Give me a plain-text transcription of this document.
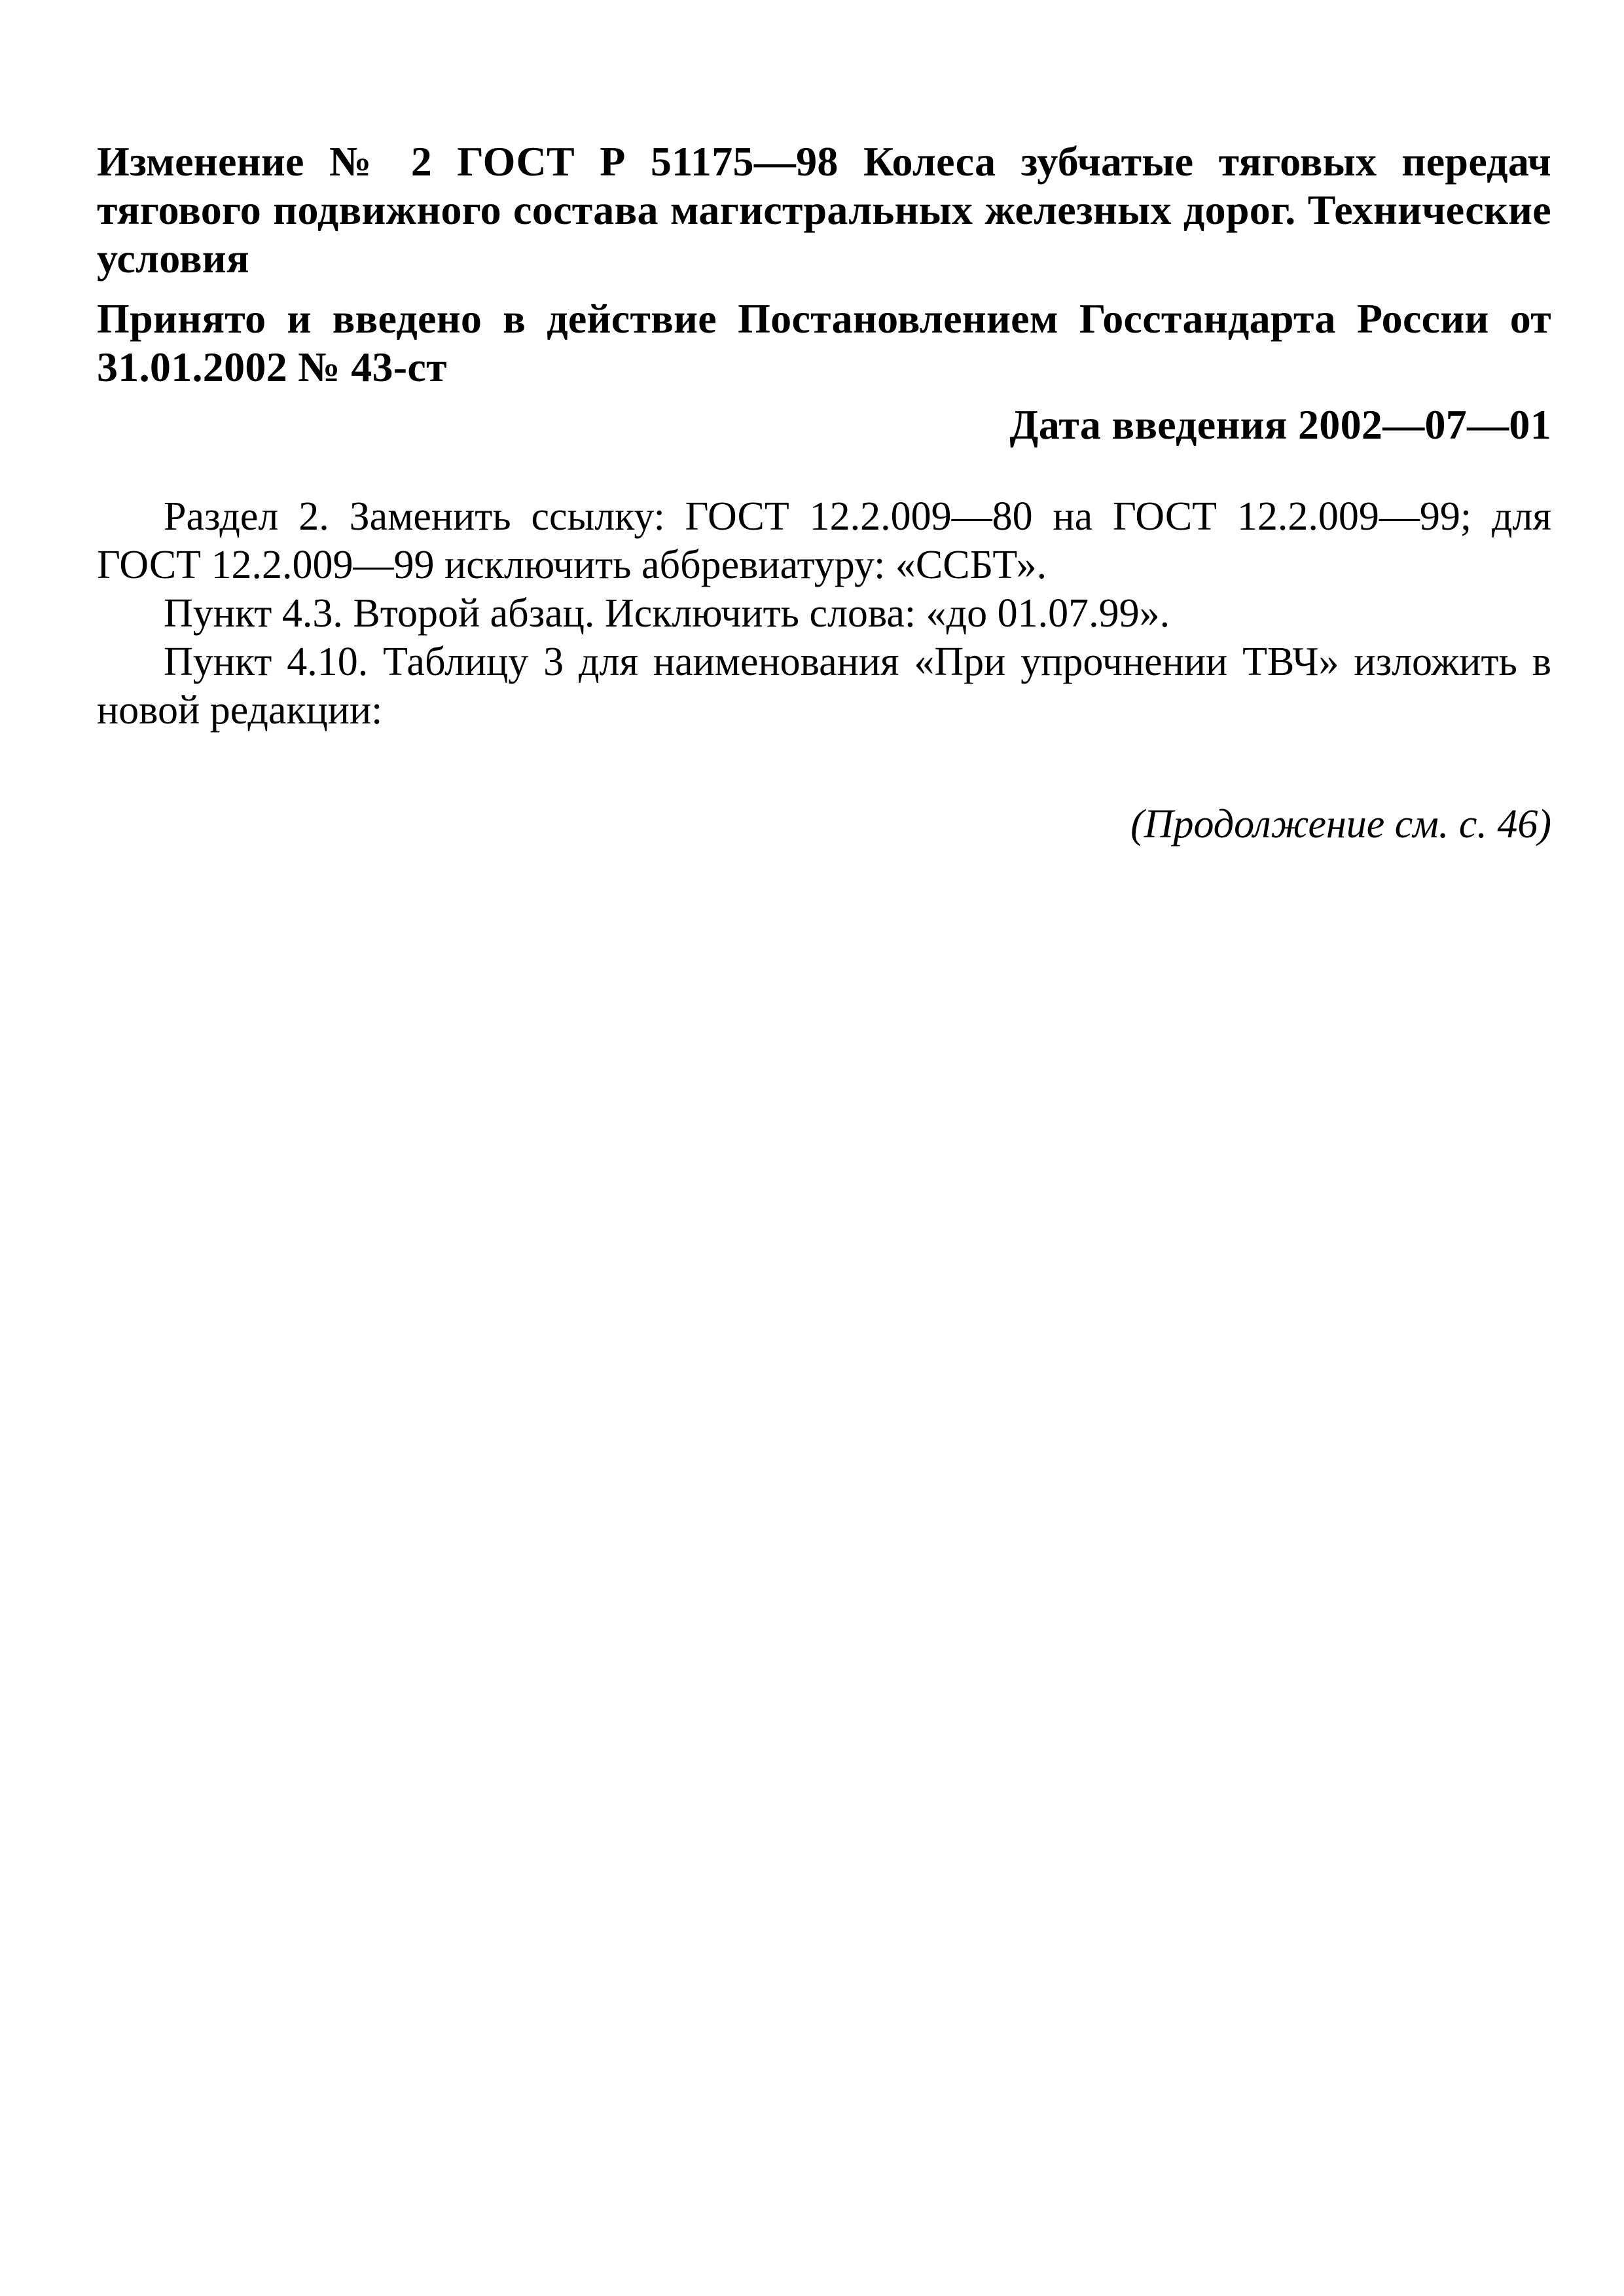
Изменение № 2 ГОСТ Р 51175—98 Колеса зубчатые тяговых передач тягового подвижного состава магистральных железных дорог. Технические условия

Принято и введено в действие Постановлением Госстандарта России от 31.01.2002 № 43-ст

Дата введения 2002—07—01

Раздел 2. Заменить ссылку: ГОСТ 12.2.009—80 на ГОСТ 12.2.009—99; для ГОСТ 12.2.009—99 исключить аббревиатуру: «ССБТ».

Пункт 4.3. Второй абзац. Исключить слова: «до 01.07.99».

Пункт 4.10. Таблицу 3 для наименования «При упрочнении ТВЧ» изложить в новой редакции:

(Продолжение см. с. 46)
